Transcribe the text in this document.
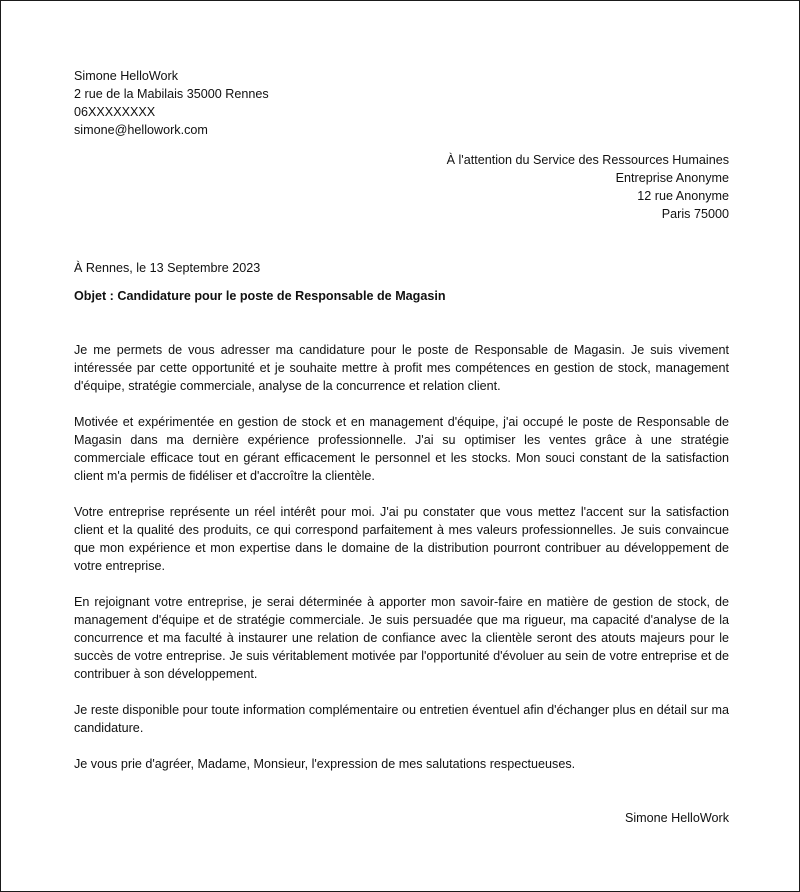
Simone HelloWork
2 rue de la Mabilais 35000 Rennes
06XXXXXXXX
simone@hellowork.com
À l'attention du Service des Ressources Humaines
Entreprise Anonyme
12 rue Anonyme
Paris 75000
À Rennes, le 13 Septembre 2023
Objet : Candidature pour le poste de Responsable de Magasin

Je me permets de vous adresser ma candidature pour le poste de Responsable de Magasin. Je suis vivement intéressée par cette opportunité et je souhaite mettre à profit mes compétences en gestion de stock, management d'équipe, stratégie commerciale, analyse de la concurrence et relation client.

Motivée et expérimentée en gestion de stock et en management d'équipe, j'ai occupé le poste de Responsable de Magasin dans ma dernière expérience professionnelle. J'ai su optimiser les ventes grâce à une stratégie commerciale efficace tout en gérant efficacement le personnel et les stocks. Mon souci constant de la satisfaction client m'a permis de fidéliser et d'accroître la clientèle.

Votre entreprise représente un réel intérêt pour moi. J'ai pu constater que vous mettez l'accent sur la satisfaction client et la qualité des produits, ce qui correspond parfaitement à mes valeurs professionnelles. Je suis convaincue que mon expérience et mon expertise dans le domaine de la distribution pourront contribuer au développement de votre entreprise.

En rejoignant votre entreprise, je serai déterminée à apporter mon savoir-faire en matière de gestion de stock, de management d'équipe et de stratégie commerciale. Je suis persuadée que ma rigueur, ma capacité d'analyse de la concurrence et ma faculté à instaurer une relation de confiance avec la clientèle seront des atouts majeurs pour le succès de votre entreprise. Je suis véritablement motivée par l'opportunité d'évoluer au sein de votre entreprise et de contribuer à son développement.

Je reste disponible pour toute information complémentaire ou entretien éventuel afin d'échanger plus en détail sur ma candidature.

Je vous prie d'agréer, Madame, Monsieur, l'expression de mes salutations respectueuses.

Simone HelloWork
